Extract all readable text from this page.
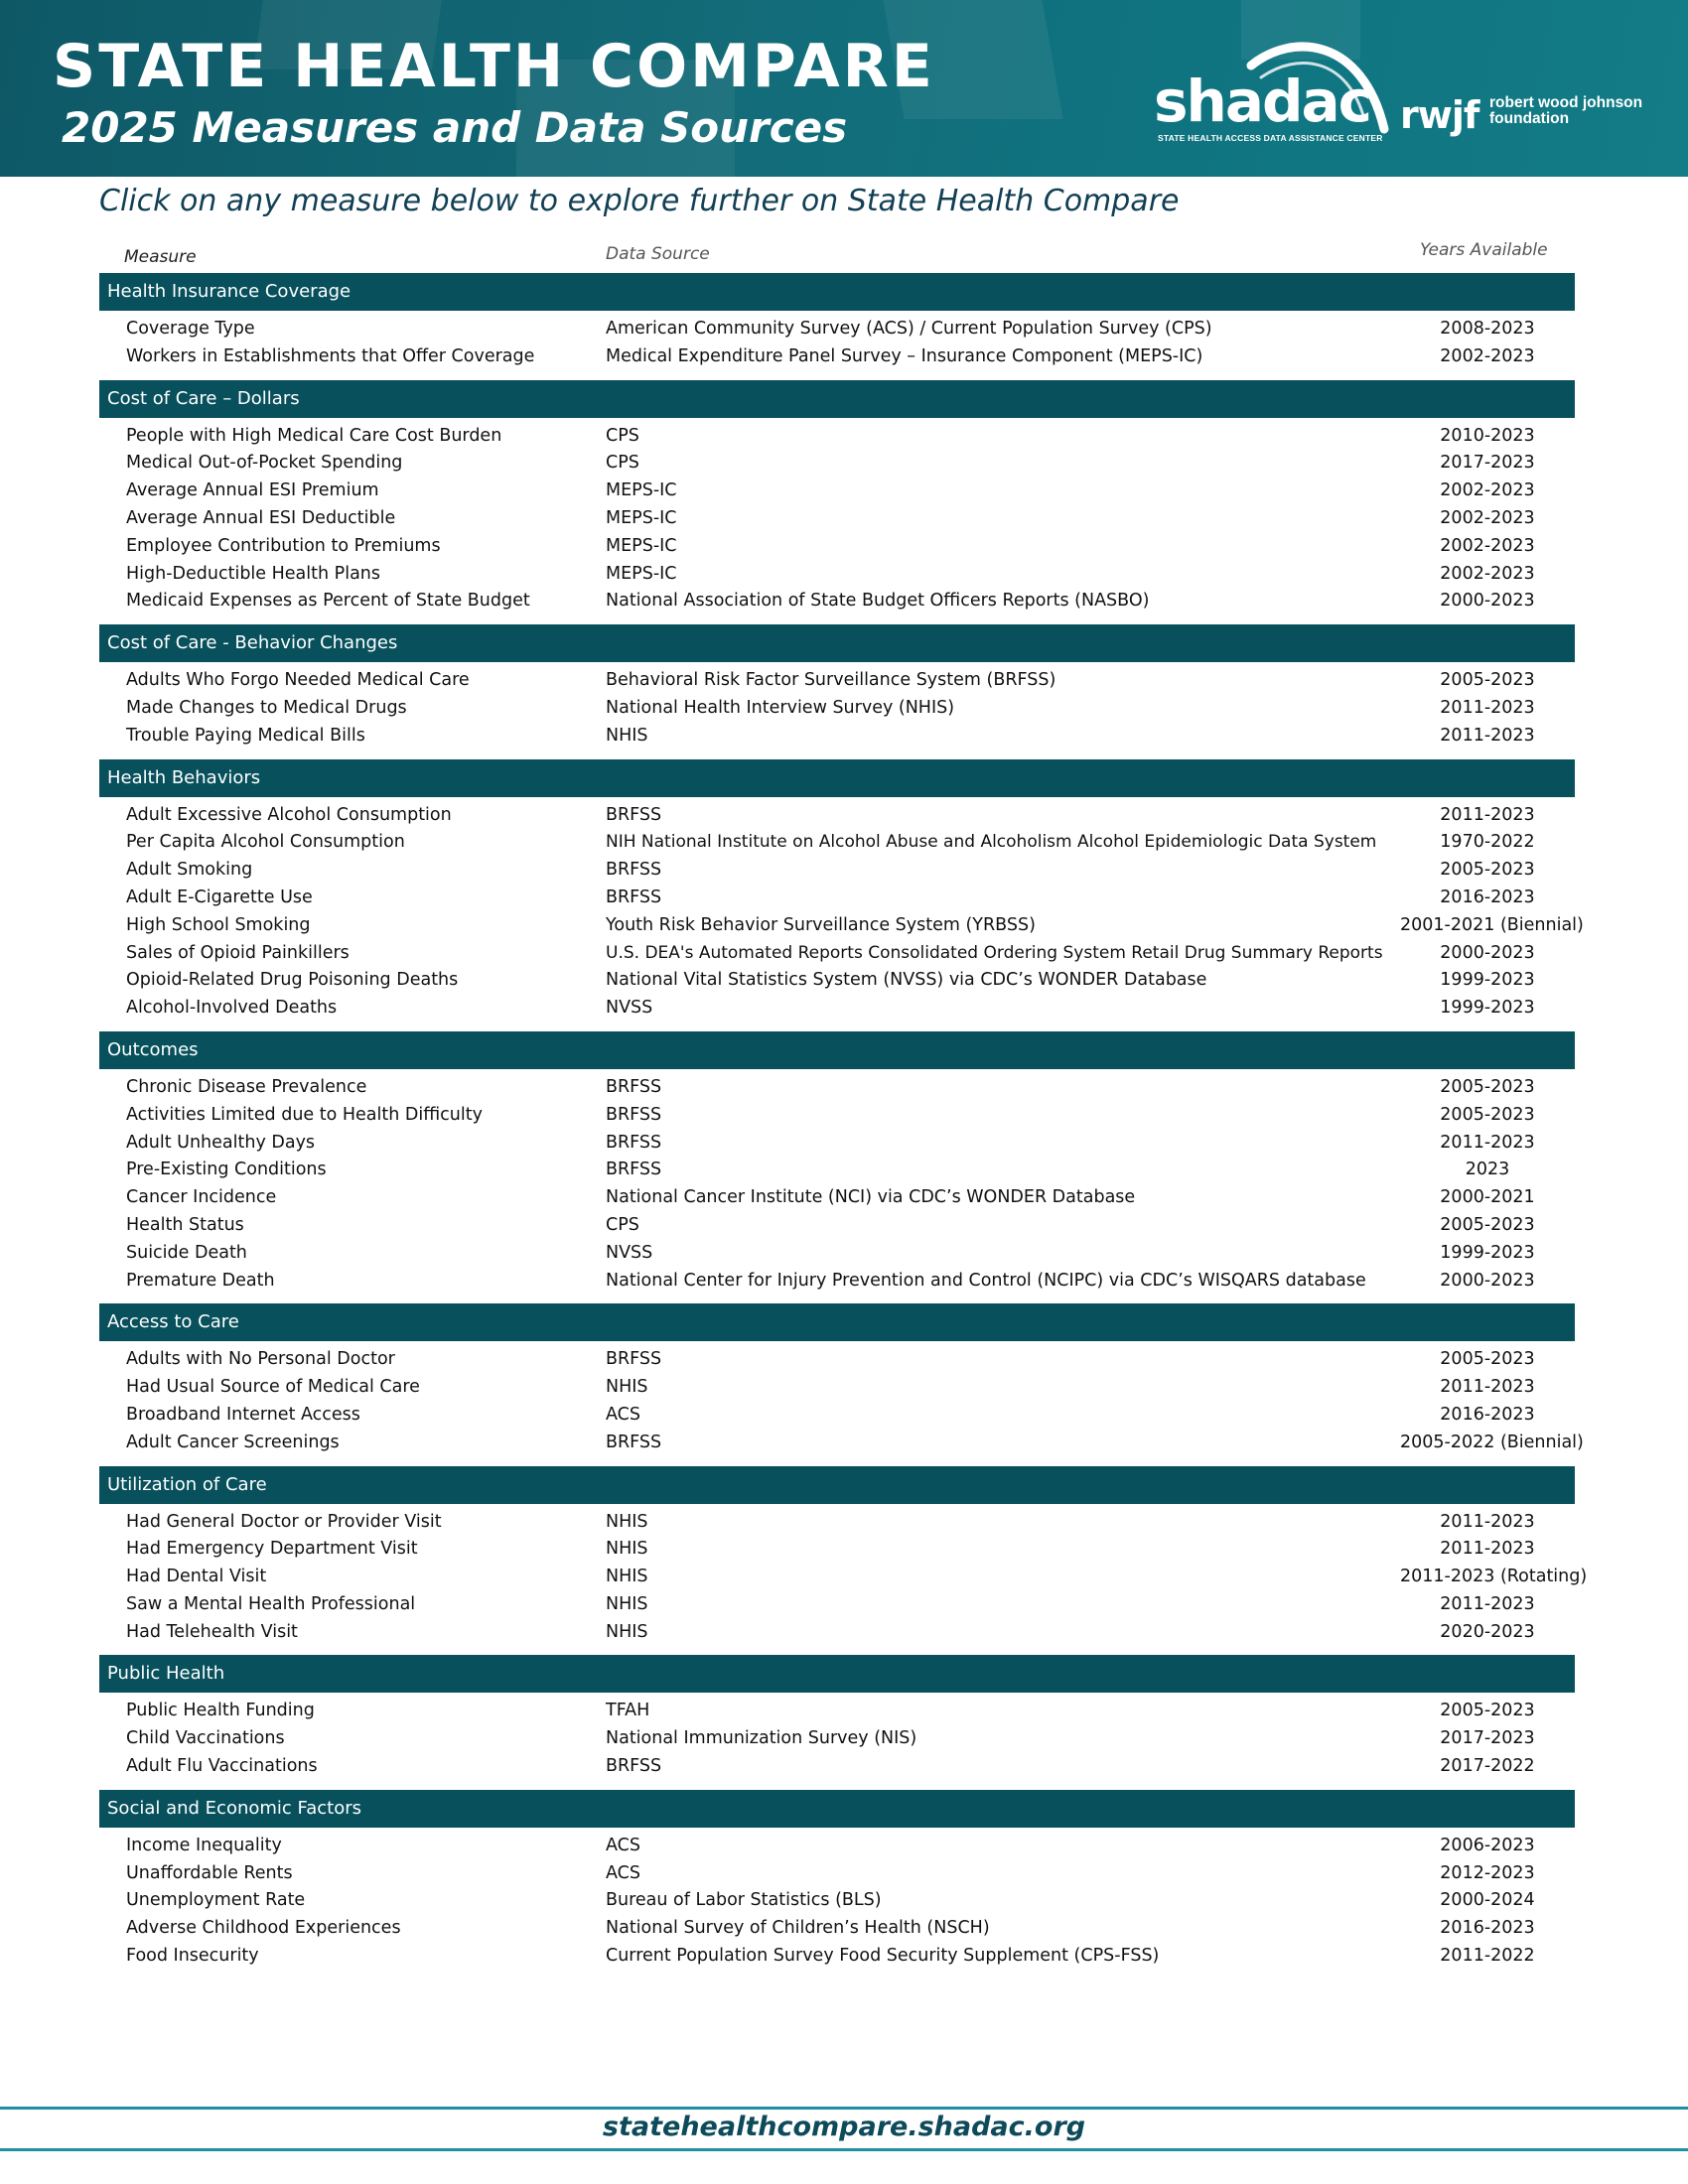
STATE HEALTH COMPARE
2025 Measures and Data Sources	shadac
STATE HEALTH ACCESS DATA ASSISTANCE CENTER
rwjf robert wood johnson
foundation
Click on any measure below to explore further on State Health Compare
Measure	Data Source	Years Available
Health Insurance Coverage
Coverage Type	American Community Survey (ACS) / Current Population Survey (CPS)	2008-2023
Workers in Establishments that Offer Coverage	Medical Expenditure Panel Survey – Insurance Component (MEPS-IC)	2002-2023
Cost of Care – Dollars
People with High Medical Care Cost Burden	CPS	2010-2023
Medical Out-of-Pocket Spending	CPS	2017-2023
Average Annual ESI Premium	MEPS-IC	2002-2023
Average Annual ESI Deductible	MEPS-IC	2002-2023
Employee Contribution to Premiums	MEPS-IC	2002-2023
High-Deductible Health Plans	MEPS-IC	2002-2023
Medicaid Expenses as Percent of State Budget	National Association of State Budget Officers Reports (NASBO)	2000-2023
Cost of Care - Behavior Changes
Adults Who Forgo Needed Medical Care	Behavioral Risk Factor Surveillance System (BRFSS)	2005-2023
Made Changes to Medical Drugs	National Health Interview Survey (NHIS)	2011-2023
Trouble Paying Medical Bills	NHIS	2011-2023
Health Behaviors
Adult Excessive Alcohol Consumption	BRFSS	2011-2023
Per Capita Alcohol Consumption	NIH National Institute on Alcohol Abuse and Alcoholism Alcohol Epidemiologic Data System	1970-2022
Adult Smoking	BRFSS	2005-2023
Adult E-Cigarette Use	BRFSS	2016-2023
High School Smoking	Youth Risk Behavior Surveillance System (YRBSS)	2001-2021 (Biennial)
Sales of Opioid Painkillers	U.S. DEA's Automated Reports Consolidated Ordering System Retail Drug Summary Reports	2000-2023
Opioid-Related Drug Poisoning Deaths	National Vital Statistics System (NVSS) via CDC’s WONDER Database	1999-2023
Alcohol-Involved Deaths	NVSS	1999-2023
Outcomes
Chronic Disease Prevalence	BRFSS	2005-2023
Activities Limited due to Health Difficulty	BRFSS	2005-2023
Adult Unhealthy Days	BRFSS	2011-2023
Pre-Existing Conditions	BRFSS	2023
Cancer Incidence	National Cancer Institute (NCI) via CDC’s WONDER Database	2000-2021
Health Status	CPS	2005-2023
Suicide Death	NVSS	1999-2023
Premature Death	National Center for Injury Prevention and Control (NCIPC) via CDC’s WISQARS database	2000-2023
Access to Care
Adults with No Personal Doctor	BRFSS	2005-2023
Had Usual Source of Medical Care	NHIS	2011-2023
Broadband Internet Access	ACS	2016-2023
Adult Cancer Screenings	BRFSS	2005-2022 (Biennial)
Utilization of Care
Had General Doctor or Provider Visit	NHIS	2011-2023
Had Emergency Department Visit	NHIS	2011-2023
Had Dental Visit	NHIS	2011-2023 (Rotating)
Saw a Mental Health Professional	NHIS	2011-2023
Had Telehealth Visit	NHIS	2020-2023
Public Health
Public Health Funding	TFAH	2005-2023
Child Vaccinations	National Immunization Survey (NIS)	2017-2023
Adult Flu Vaccinations	BRFSS	2017-2022
Social and Economic Factors
Income Inequality	ACS	2006-2023
Unaffordable Rents	ACS	2012-2023
Unemployment Rate	Bureau of Labor Statistics (BLS)	2000-2024
Adverse Childhood Experiences	National Survey of Children’s Health (NSCH)	2016-2023
Food Insecurity	Current Population Survey Food Security Supplement (CPS-FSS)	2011-2022
statehealthcompare.shadac.org
